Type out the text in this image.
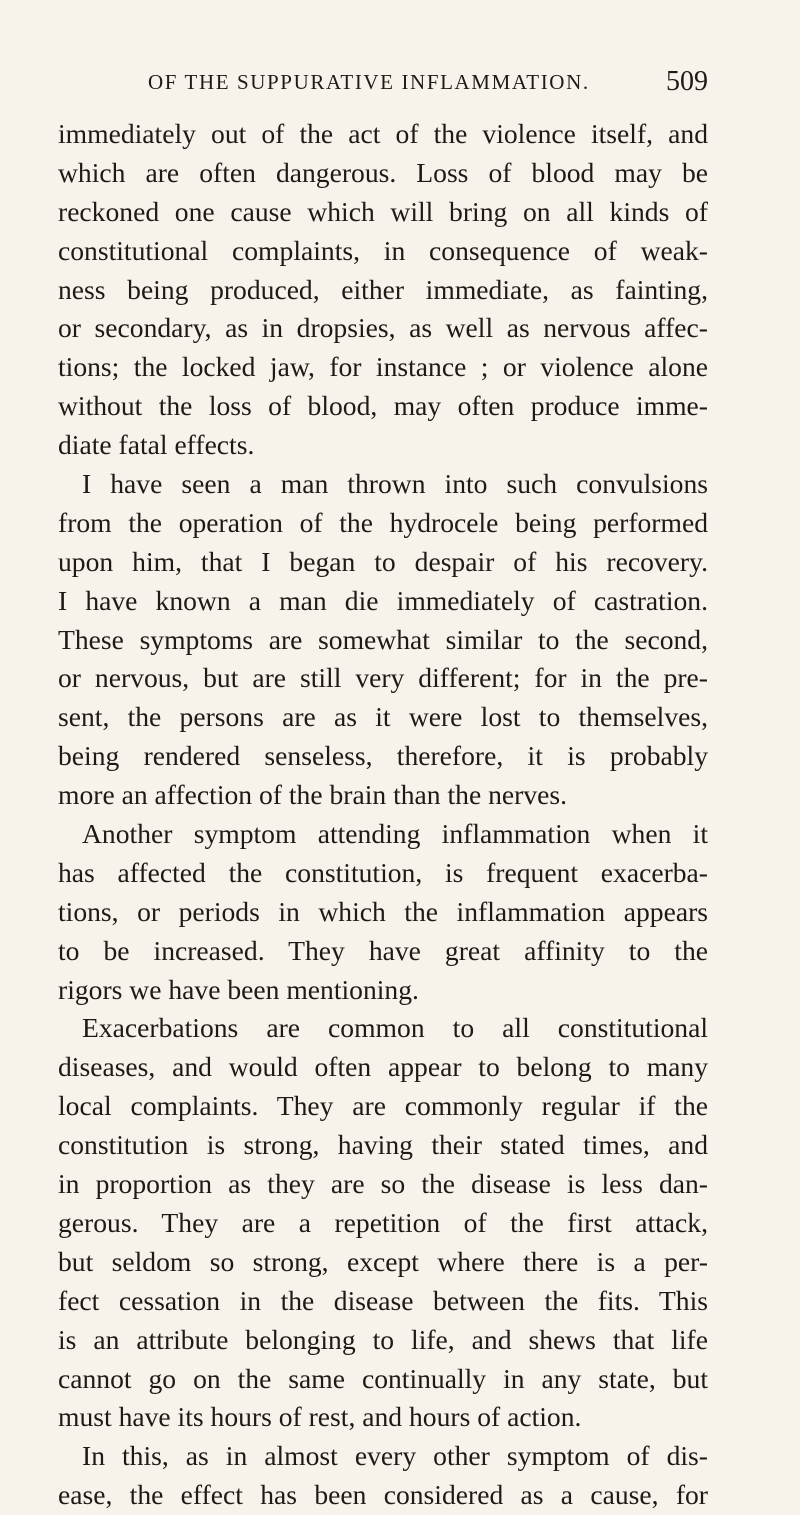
OF THE SUPPURATIVE INFLAMMATION.	509
immediately out of the act of the violence itself, and
which are often dangerous. Loss of blood may be
reckoned one cause which will bring on all kinds of
constitutional complaints, in consequence of weak-
ness being produced, either immediate, as fainting,
or secondary, as in dropsies, as well as nervous affec-
tions; the locked jaw, for instance ; or violence alone
without the loss of blood, may often produce imme-
diate fatal effects.
I have seen a man thrown into such convulsions
from the operation of the hydrocele being performed
upon him, that I began to despair of his recovery.
I have known a man die immediately of castration.
These symptoms are somewhat similar to the second,
or nervous, but are still very different; for in the pre-
sent, the persons are as it were lost to themselves,
being rendered senseless, therefore, it is probably
more an affection of the brain than the nerves.
Another symptom attending inflammation when it
has affected the constitution, is frequent exacerba-
tions, or periods in which the inflammation appears
to be increased. They have great affinity to the
rigors we have been mentioning.
Exacerbations are common to all constitutional
diseases, and would often appear to belong to many
local complaints. They are commonly regular if the
constitution is strong, having their stated times, and
in proportion as they are so the disease is less dan-
gerous. They are a repetition of the first attack,
but seldom so strong, except where there is a per-
fect cessation in the disease between the fits. This
is an attribute belonging to life, and shews that life
cannot go on the same continually in any state, but
must have its hours of rest, and hours of action.
In this, as in almost every other symptom of dis-
ease, the effect has been considered as a cause, for
